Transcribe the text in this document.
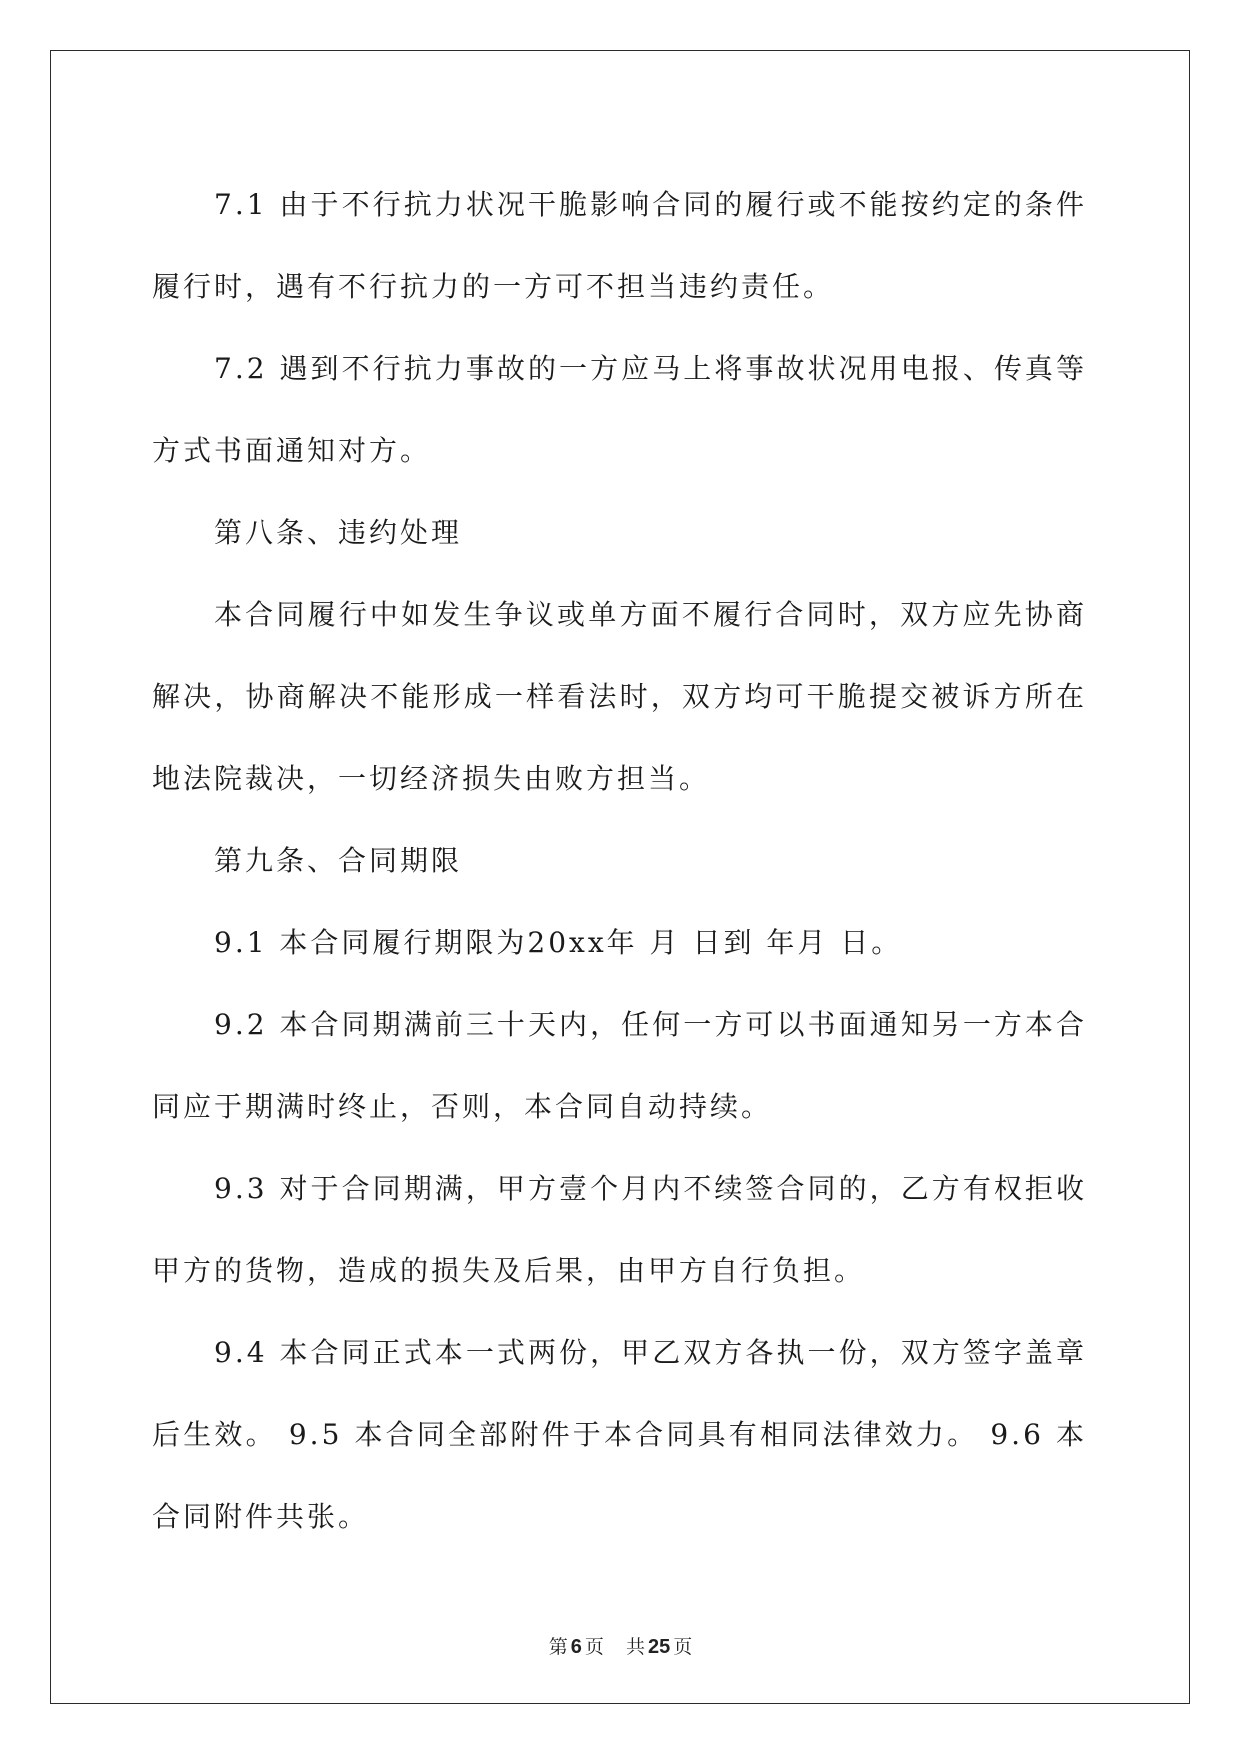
7.1 由于不行抗力状况干脆影响合同的履行或不能按约定的条件履行时，遇有不行抗力的一方可不担当违约责任。

7.2 遇到不行抗力事故的一方应马上将事故状况用电报、传真等方式书面通知对方。

第八条、违约处理

本合同履行中如发生争议或单方面不履行合同时，双方应先协商解决，协商解决不能形成一样看法时，双方均可干脆提交被诉方所在地法院裁决，一切经济损失由败方担当。

第九条、合同期限

9.1 本合同履行期限为20xx年 月 日到 年月 日。

9.2 本合同期满前三十天内，任何一方可以书面通知另一方本合同应于期满时终止，否则，本合同自动持续。

9.3 对于合同期满，甲方壹个月内不续签合同的，乙方有权拒收甲方的货物，造成的损失及后果，由甲方自行负担。

9.4 本合同正式本一式两份，甲乙双方各执一份，双方签字盖章后生效。 9.5 本合同全部附件于本合同具有相同法律效力。 9.6 本合同附件共张。

第 6 页 共 25 页
